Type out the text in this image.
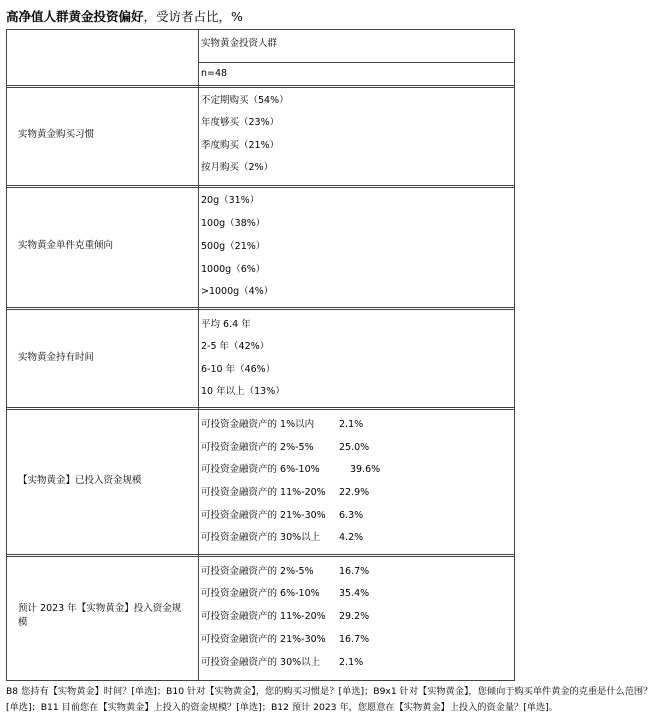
高净值人群黄金投资偏好，受访者占比，%
实物黄金投资人群
n=48
实物黄金购买习惯
不定期购买（54%）
年度够买（23%）
季度购买（21%）
按月购买（2%）
实物黄金单件克重倾向
20g（31%）
100g（38%）
500g（21%）
1000g（6%）
>1000g（4%）
实物黄金持有时间
平均 6.4 年
2-5 年（42%）
6-10 年（46%）
10 年以上（13%）
【实物黄金】已投入资金规模
可投资金融资产的 1%以内	2.1%
可投资金融资产的 2%-5%	25.0%
可投资金融资产的 6%-10%	39.6%
可投资金融资产的 11%-20% 22.9%
可投资金融资产的 21%-30% 6.3%
可投资金融资产的 30%以上 4.2%
预计 2023 年【实物黄金】投入资金规
模
可投资金融资产的 2%-5%	16.7%
可投资金融资产的 6%-10% 35.4%
可投资金融资产的 11%-20% 29.2%
可投资金融资产的 21%-30% 16.7%
可投资金融资产的 30%以上 2.1%
B8 您持有【实物黄金】时间？[单选]；B10 针对【实物黄金】，您的购买习惯是？[单选]；B9x1 针对【实物黄金】，您倾向于购买单件黄金的克重是什么范围？[单选]；B11 目前您在【实物黄金】上投入的资金规模？[单选]；B12 预计 2023 年，您愿意在【实物黄金】上投入的资金量？[单选]。
